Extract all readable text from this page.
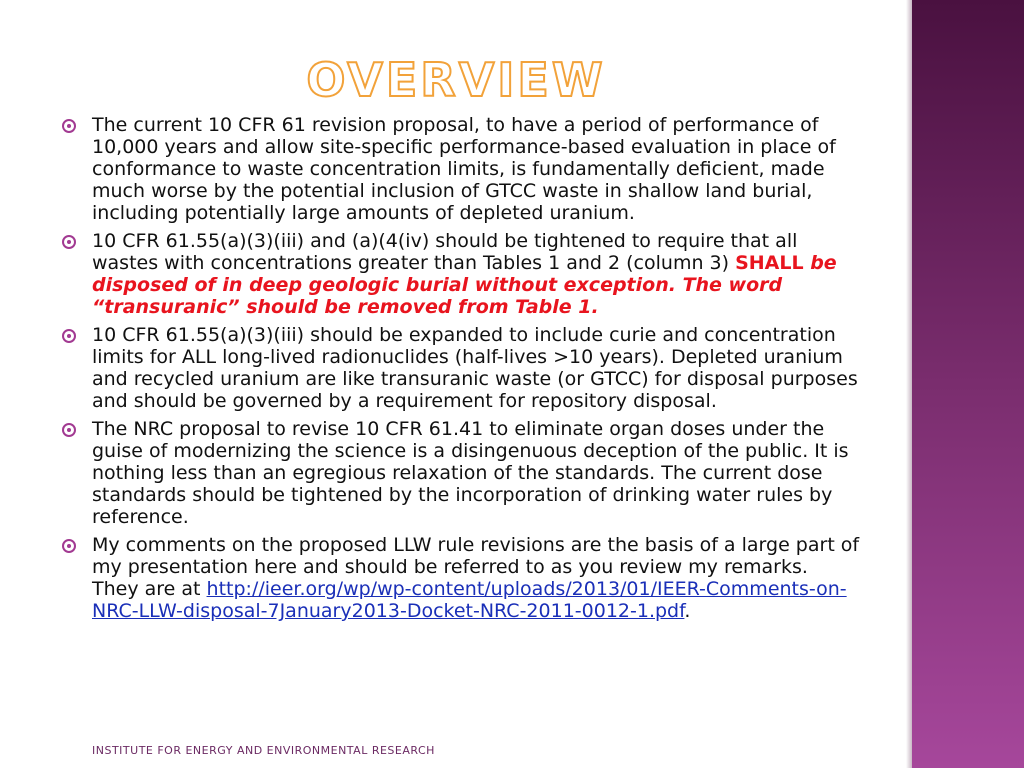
OVERVIEW
The current 10 CFR 61 revision proposal, to have a period of performance of 10,000 years and allow site-specific performance-based evaluation in place of conformance to waste concentration limits, is fundamentally deficient, made much worse by the potential inclusion of GTCC waste in shallow land burial, including potentially large amounts of depleted uranium.
10 CFR 61.55(a)(3)(iii) and (a)(4(iv) should be tightened to require that all wastes with concentrations greater than Tables 1 and 2 (column 3) SHALL be disposed of in deep geologic burial without exception. The word “transuranic” should be removed from Table 1.
10 CFR 61.55(a)(3)(iii) should be expanded to include curie and concentration limits for ALL long-lived radionuclides (half-lives >10 years). Depleted uranium and recycled uranium are like transuranic waste (or GTCC) for disposal purposes and should be governed by a requirement for repository disposal.
The NRC proposal to revise 10 CFR 61.41 to eliminate organ doses under the guise of modernizing the science is a disingenuous deception of the public. It is nothing less than an egregious relaxation of the standards. The current dose standards should be tightened by the incorporation of drinking water rules by reference.
My comments on the proposed LLW rule revisions are the basis of a large part of my presentation here and should be referred to as you review my remarks. They are at http://ieer.org/wp/wp-content/uploads/2013/01/IEER-Comments-on-NRC-LLW-disposal-7January2013-Docket-NRC-2011-0012-1.pdf.
INSTITUTE FOR ENERGY AND ENVIRONMENTAL RESEARCH
